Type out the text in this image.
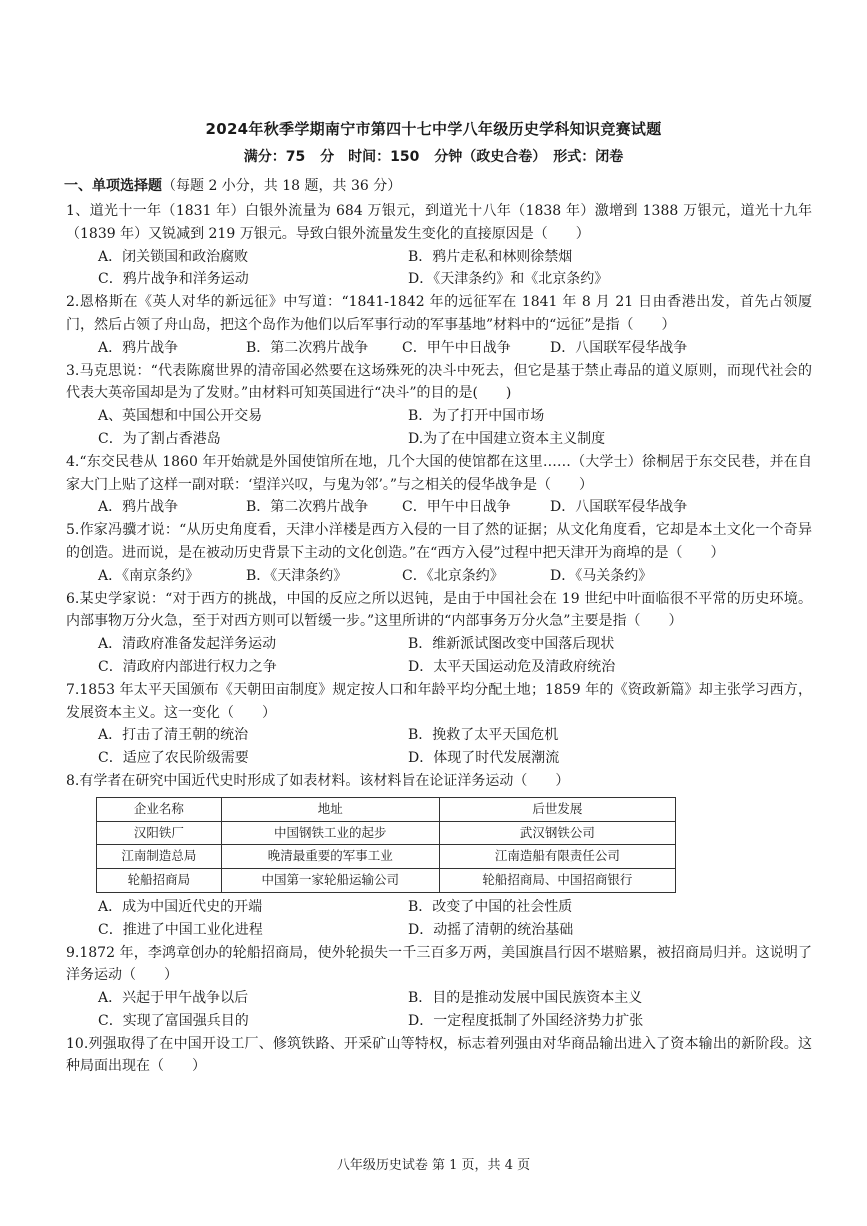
2024年秋季学期南宁市第四十七中学八年级历史学科知识竞赛试题
满分：75 分　时间：150 分钟（政史合卷）　形式：闭卷
一、单项选择题（每题 2 小分，共 18 题，共 36 分）

1、道光十一年（1831 年）白银外流量为 684 万银元，到道光十八年（1838 年）激增到 1388 万银元，道光十九年（1839 年）又锐减到 219 万银元。导致白银外流量发生变化的直接原因是（　　）

A．闭关锁国和政治腐败	B．鸦片走私和林则徐禁烟
C．鸦片战争和洋务运动	D．《天津条约》和《北京条约》

2.恩格斯在《英人对华的新远征》中写道：“1841-1842 年的远征军在 1841 年 8 月 21 日由香港出发，首先占领厦门，然后占领了舟山岛，把这个岛作为他们以后军事行动的军事基地”材料中的“远征”是指（　　）

A．鸦片战争	B．第二次鸦片战争	C．甲午中日战争	D．八国联军侵华战争

3.马克思说：“代表陈腐世界的清帝国必然要在这场殊死的决斗中死去，但它是基于禁止毒品的道义原则，而现代社会的代表大英帝国却是为了发财。”由材料可知英国进行“决斗”的目的是(　　)

A、英国想和中国公开交易	B．为了打开中国市场
C．为了割占香港岛	D.为了在中国建立资本主义制度

4.“东交民巷从 1860 年开始就是外国使馆所在地，几个大国的使馆都在这里……（大学士）徐桐居于东交民巷，并在自家大门上贴了这样一副对联：‘望洋兴叹，与鬼为邻’。”与之相关的侵华战争是（　　）

A．鸦片战争	B．第二次鸦片战争	C．甲午中日战争	D．八国联军侵华战争

5.作家冯骥才说：“从历史角度看，天津小洋楼是西方入侵的一目了然的证据；从文化角度看，它却是本土文化一个奇异的创造。进而说，是在被动历史背景下主动的文化创造。”在“西方入侵”过程中把天津开为商埠的是（　　）

A．《南京条约》	B．《天津条约》	C．《北京条约》	D．《马关条约》

6.某史学家说：“对于西方的挑战，中国的反应之所以迟钝，是由于中国社会在 19 世纪中叶面临很不平常的历史环境。内部事物万分火急，至于对西方则可以暂缓一步。”这里所讲的“内部事务万分火急”主要是指（　　）

A．清政府准备发起洋务运动	B．维新派试图改变中国落后现状
C．清政府内部进行权力之争	D．太平天国运动危及清政府统治

7.1853 年太平天国颁布《天朝田亩制度》规定按人口和年龄平均分配土地；1859 年的《资政新篇》却主张学习西方，发展资本主义。这一变化（　　）

A．打击了清王朝的统治	B．挽救了太平天国危机
C．适应了农民阶级需要	D．体现了时代发展潮流

8.有学者在研究中国近代史时形成了如表材料。该材料旨在论证洋务运动（　　）

企业名称	地址	后世发展
汉阳铁厂	中国钢铁工业的起步	武汉钢铁公司
江南制造总局	晚清最重要的军事工业	江南造船有限责任公司
轮船招商局	中国第一家轮船运输公司	轮船招商局、中国招商银行
A．成为中国近代史的开端	B．改变了中国的社会性质
C．推进了中国工业化进程	D．动摇了清朝的统治基础

9.1872 年，李鸿章创办的轮船招商局，使外轮损失一千三百多万两，美国旗昌行因不堪赔累，被招商局归并。这说明了洋务运动（　　）

A．兴起于甲午战争以后	B．目的是推动发展中国民族资本主义
C．实现了富国强兵目的	D．一定程度抵制了外国经济势力扩张

10.列强取得了在中国开设工厂、修筑铁路、开采矿山等特权，标志着列强由对华商品输出进入了资本输出的新阶段。这种局面出现在（　　）

八年级历史试卷 第 1 页，共 4 页
